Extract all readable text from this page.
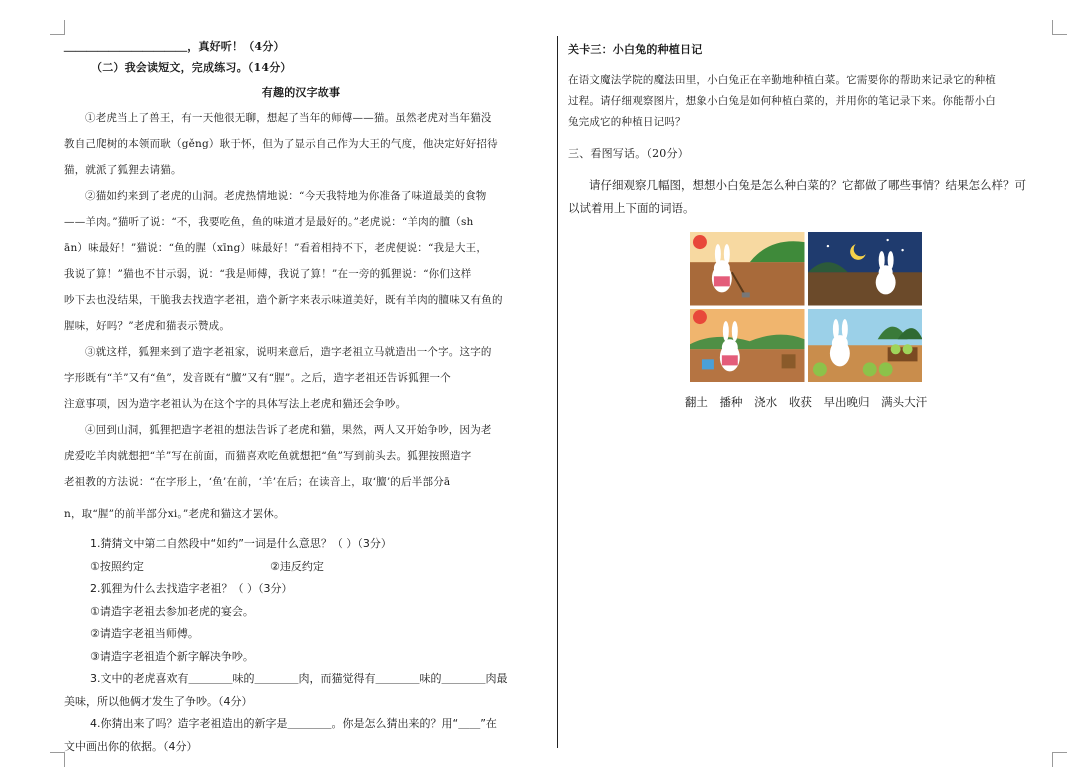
＿＿＿＿＿＿＿＿＿＿＿，真好听！（4分）

（二）我会读短文，完成练习。（14分）

有趣的汉字故事

①老虎当上了兽王，有一天他很无聊，想起了当年的师傅——猫。虽然老虎对当年猫没

教自己爬树的本领而耿（gěng）耿于怀，但为了显示自己作为大王的气度，他决定好好招待

猫，就派了狐狸去请猫。

②猫如约来到了老虎的山洞。老虎热情地说：“今天我特地为你准备了味道最美的食物

——羊肉。”猫听了说：“不，我要吃鱼，鱼的味道才是最好的。”老虎说：“羊肉的膻（sh

ān）味最好！”猫说：“鱼的腥（xīng）味最好！”看着相持不下，老虎便说：“我是大王，

我说了算！”猫也不甘示弱，说：“我是师傅，我说了算！”在一旁的狐狸说：“你们这样

吵下去也没结果，干脆我去找造字老祖，造个新字来表示味道美好，既有羊肉的膻味又有鱼的

腥味，好吗？”老虎和猫表示赞成。

③就这样，狐狸来到了造字老祖家，说明来意后，造字老祖立马就造出一个字。这字的

字形既有“羊”又有“鱼”，发音既有“膻”又有“腥”。之后，造字老祖还告诉狐狸一个

注意事项，因为造字老祖认为在这个字的具体写法上老虎和猫还会争吵。

④回到山洞，狐狸把造字老祖的想法告诉了老虎和猫，果然，两人又开始争吵，因为老

虎爱吃羊肉就想把“羊”写在前面，而猫喜欢吃鱼就想把“鱼”写到前头去。狐狸按照造字

老祖教的方法说：“在字形上，‘鱼’在前，‘羊’在后；在读音上，取‘膻’的后半部分ā

n，取“腥”的前半部分xi。”老虎和猫这才罢休。

1.猜猜文中第二自然段中“如约”一词是什么意思？（ ）（3分）

①按照约定	②违反约定

2.狐狸为什么去找造字老祖？（ ）（3分）

①请造字老祖去参加老虎的宴会。

②请造字老祖当师傅。

③请造字老祖造个新字解决争吵。

3.文中的老虎喜欢有＿＿＿＿味的＿＿＿＿肉，而猫觉得有＿＿＿＿味的＿＿＿＿肉最

美味，所以他俩才发生了争吵。（4分）

4.你猜出来了吗？造字老祖造出的新字是＿＿＿＿。你是怎么猜出来的？用“＿＿”在

文中画出你的依据。（4分）

关卡三：小白兔的种植日记

在语文魔法学院的魔法田里，小白兔正在辛勤地种植白菜。它需要你的帮助来记录它的种植

过程。请仔细观察图片，想象小白兔是如何种植白菜的，并用你的笔记录下来。你能帮小白

兔完成它的种植日记吗？

三、看图写话。（20分）

请仔细观察几幅图，想想小白兔是怎么种白菜的？它都做了哪些事情？结果怎么样？可

以试着用上下面的词语。

翻土 播种 浇水 收获 早出晚归 满头大汗
